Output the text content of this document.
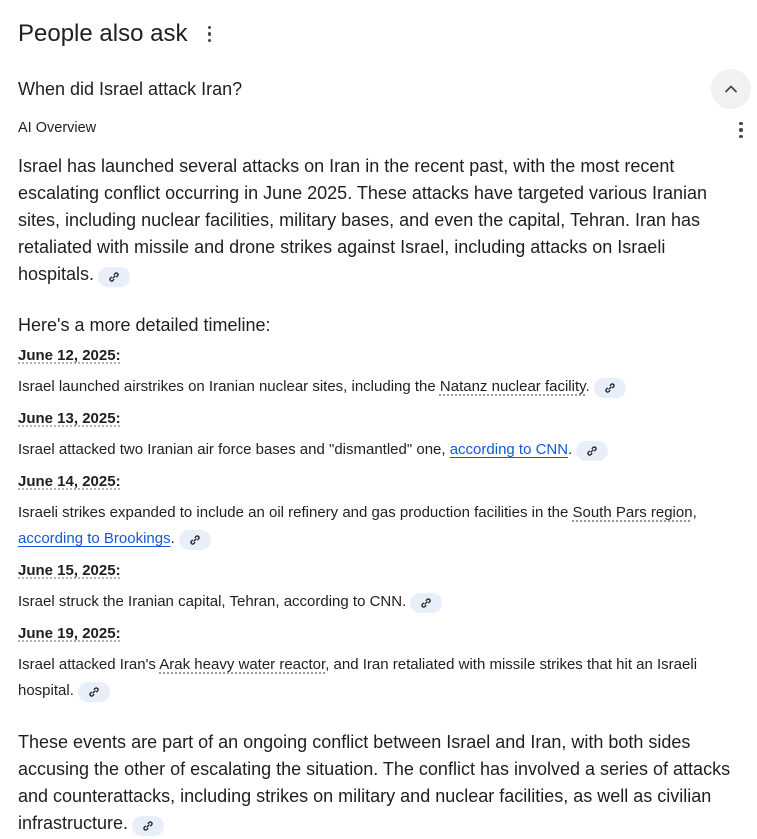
People also ask
When did Israel attack Iran?
AI Overview

Israel has launched several attacks on Iran in the recent past, with the most recent escalating conflict occurring in June 2025. These attacks have targeted various Iranian sites, including nuclear facilities, military bases, and even the capital, Tehran. Iran has retaliated with missile and drone strikes against Israel, including attacks on Israeli hospitals.

Here's a more detailed timeline:

June 12, 2025:
Israel launched airstrikes on Iranian nuclear sites, including the Natanz nuclear facility.
June 13, 2025:
Israel attacked two Iranian air force bases and "dismantled" one, according to CNN.
June 14, 2025:
Israeli strikes expanded to include an oil refinery and gas production facilities in the South Pars region, according to Brookings.
June 15, 2025:
Israel struck the Iranian capital, Tehran, according to CNN.
June 19, 2025:
Israel attacked Iran's Arak heavy water reactor, and Iran retaliated with missile strikes that hit an Israeli hospital.

These events are part of an ongoing conflict between Israel and Iran, with both sides accusing the other of escalating the situation. The conflict has involved a series of attacks and counterattacks, including strikes on military and nuclear facilities, as well as civilian infrastructure.
